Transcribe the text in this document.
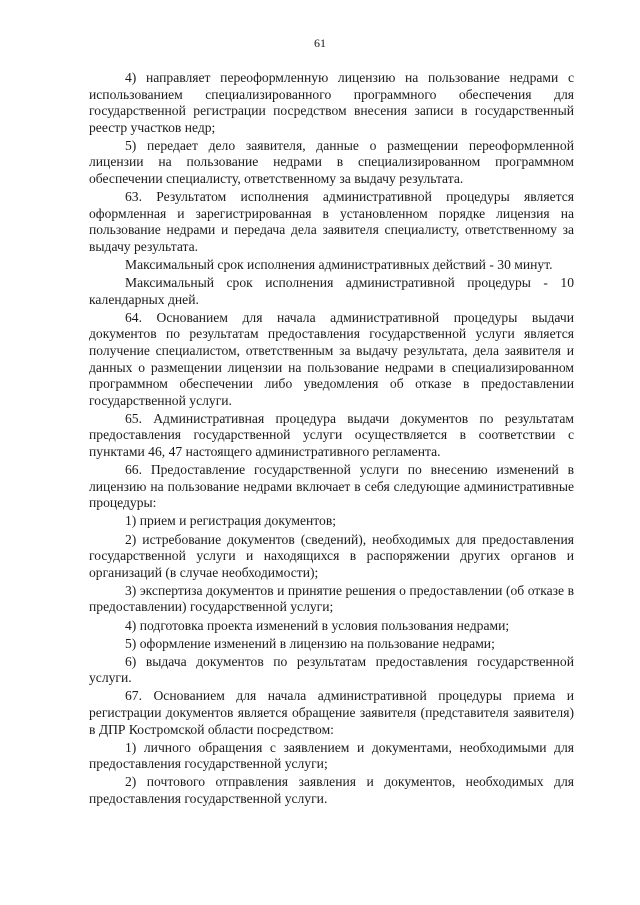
61

4) направляет переоформленную лицензию на пользование недрами с использованием специализированного программного обеспечения для государственной регистрации посредством внесения записи в государственный реестр участков недр;

5) передает дело заявителя, данные о размещении переоформленной лицензии на пользование недрами в специализированном программном обеспечении специалисту, ответственному за выдачу результата.

63. Результатом исполнения административной процедуры является оформленная и зарегистрированная в установленном порядке лицензия на пользование недрами и передача дела заявителя специалисту, ответственному за выдачу результата.

Максимальный срок исполнения административных действий - 30 минут.

Максимальный срок исполнения административной процедуры - 10 календарных дней.

64. Основанием для начала административной процедуры выдачи документов по результатам предоставления государственной услуги является получение специалистом, ответственным за выдачу результата, дела заявителя и данных о размещении лицензии на пользование недрами в специализированном программном обеспечении либо уведомления об отказе в предоставлении государственной услуги.

65. Административная процедура выдачи документов по результатам предоставления государственной услуги осуществляется в соответствии с пунктами 46, 47 настоящего административного регламента.

66. Предоставление государственной услуги по внесению изменений в лицензию на пользование недрами включает в себя следующие административные процедуры:

1) прием и регистрация документов;

2) истребование документов (сведений), необходимых для предоставления государственной услуги и находящихся в распоряжении других органов и организаций (в случае необходимости);

3) экспертиза документов и принятие решения о предоставлении (об отказе в предоставлении) государственной услуги;

4) подготовка проекта изменений в условия пользования недрами;

5) оформление изменений в лицензию на пользование недрами;

6) выдача документов по результатам предоставления государственной услуги.

67. Основанием для начала административной процедуры приема и регистрации документов является обращение заявителя (представителя заявителя) в ДПР Костромской области посредством:

1) личного обращения с заявлением и документами, необходимыми для предоставления государственной услуги;

2) почтового отправления заявления и документов, необходимых для предоставления государственной услуги.
